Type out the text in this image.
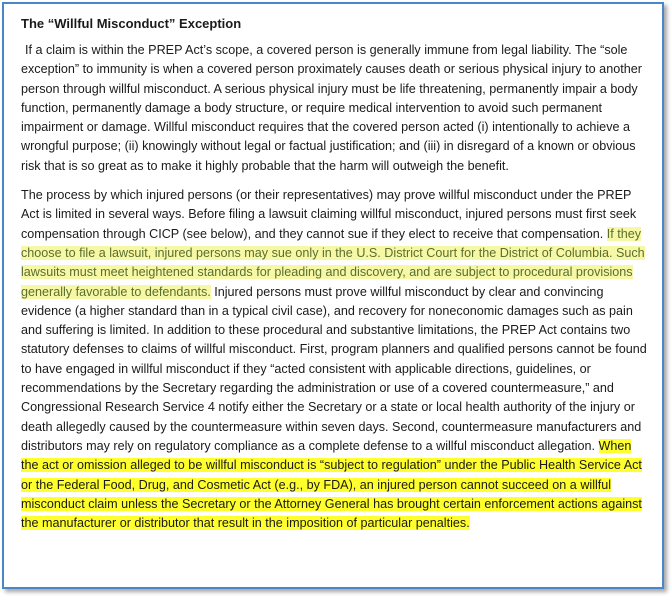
The “Willful Misconduct” Exception

If a claim is within the PREP Act’s scope, a covered person is generally immune from legal liability. The “sole exception” to immunity is when a covered person proximately causes death or serious physical injury to another person through willful misconduct. A serious physical injury must be life threatening, permanently impair a body function, permanently damage a body structure, or require medical intervention to avoid such permanent impairment or damage. Willful misconduct requires that the covered person acted (i) intentionally to achieve a wrongful purpose; (ii) knowingly without legal or factual justification; and (iii) in disregard of a known or obvious risk that is so great as to make it highly probable that the harm will outweigh the benefit.

The process by which injured persons (or their representatives) may prove willful misconduct under the PREP Act is limited in several ways. Before filing a lawsuit claiming willful misconduct, injured persons must first seek compensation through CICP (see below), and they cannot sue if they elect to receive that compensation. If they choose to file a lawsuit, injured persons may sue only in the U.S. District Court for the District of Columbia. Such lawsuits must meet heightened standards for pleading and discovery, and are subject to procedural provisions generally favorable to defendants. Injured persons must prove willful misconduct by clear and convincing evidence (a higher standard than in a typical civil case), and recovery for noneconomic damages such as pain and suffering is limited. In addition to these procedural and substantive limitations, the PREP Act contains two statutory defenses to claims of willful misconduct. First, program planners and qualified persons cannot be found to have engaged in willful misconduct if they “acted consistent with applicable directions, guidelines, or recommendations by the Secretary regarding the administration or use of a covered countermeasure,” and Congressional Research Service 4 notify either the Secretary or a state or local health authority of the injury or death allegedly caused by the countermeasure within seven days. Second, countermeasure manufacturers and distributors may rely on regulatory compliance as a complete defense to a willful misconduct allegation. When the act or omission alleged to be willful misconduct is “subject to regulation” under the Public Health Service Act or the Federal Food, Drug, and Cosmetic Act (e.g., by FDA), an injured person cannot succeed on a willful misconduct claim unless the Secretary or the Attorney General has brought certain enforcement actions against the manufacturer or distributor that result in the imposition of particular penalties.
